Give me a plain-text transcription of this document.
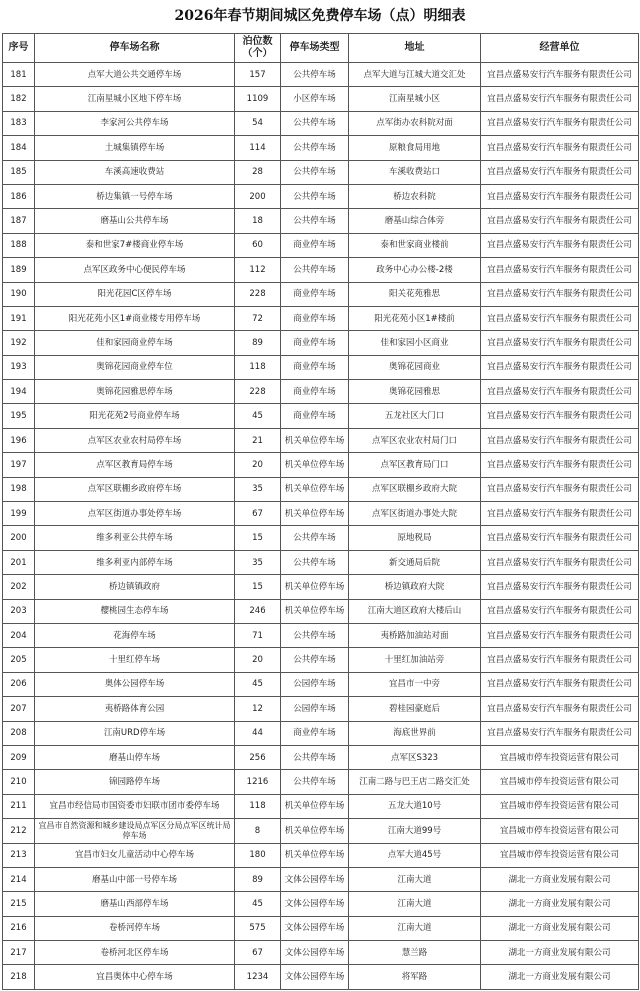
2026年春节期间城区免费停车场（点）明细表
序号	停车场名称	泊位数（个）	停车场类型	地址	经营单位
181	点军大道公共交通停车场	157	公共停车场	点军大道与江城大道交汇处	宜昌点盛易安行汽车服务有限责任公司
182	江南星城小区地下停车场	1109	小区停车场	江南星城小区	宜昌点盛易安行汽车服务有限责任公司
183	李家河公共停车场	54	公共停车场	点军街办农科院对面	宜昌点盛易安行汽车服务有限责任公司
184	土城集镇停车场	114	公共停车场	原粮食局用地	宜昌点盛易安行汽车服务有限责任公司
185	车溪高速收费站	28	公共停车场	车溪收费站口	宜昌点盛易安行汽车服务有限责任公司
186	桥边集镇一号停车场	200	公共停车场	桥边农科院	宜昌点盛易安行汽车服务有限责任公司
187	磨基山公共停车场	18	公共停车场	磨基山综合体旁	宜昌点盛易安行汽车服务有限责任公司
188	泰和世家7#楼商业停车场	60	商业停车场	泰和世家商业楼前	宜昌点盛易安行汽车服务有限责任公司
189	点军区政务中心便民停车场	112	公共停车场	政务中心办公楼-2楼	宜昌点盛易安行汽车服务有限责任公司
190	阳光花园C区停车场	228	商业停车场	阳关花苑雅思	宜昌点盛易安行汽车服务有限责任公司
191	阳光花苑小区1#商业楼专用停车场	72	商业停车场	阳光花苑小区1#楼前	宜昌点盛易安行汽车服务有限责任公司
192	佳和家园商业停车场	89	商业停车场	佳和家园小区商业	宜昌点盛易安行汽车服务有限责任公司
193	奥锦花园商业停车位	118	商业停车场	奥锦花园商业	宜昌点盛易安行汽车服务有限责任公司
194	奥锦花园雅思停车场	228	商业停车场	奥锦花园雅思	宜昌点盛易安行汽车服务有限责任公司
195	阳光花苑2号商业停车场	45	商业停车场	五龙社区大门口	宜昌点盛易安行汽车服务有限责任公司
196	点军区农业农村局停车场	21	机关单位停车场	点军区农业农村局门口	宜昌点盛易安行汽车服务有限责任公司
197	点军区教育局停车场	20	机关单位停车场	点军区教育局门口	宜昌点盛易安行汽车服务有限责任公司
198	点军区联棚乡政府停车场	35	机关单位停车场	点军区联棚乡政府大院	宜昌点盛易安行汽车服务有限责任公司
199	点军区街道办事处停车场	67	机关单位停车场	点军区街道办事处大院	宜昌点盛易安行汽车服务有限责任公司
200	维多利亚公共停车场	15	公共停车场	原地税局	宜昌点盛易安行汽车服务有限责任公司
201	维多利亚内部停车场	35	公共停车场	新交通局后院	宜昌点盛易安行汽车服务有限责任公司
202	桥边镇镇政府	15	机关单位停车场	桥边镇政府大院	宜昌点盛易安行汽车服务有限责任公司
203	樱桃园生态停车场	246	机关单位停车场	江南大道区政府大楼后山	宜昌点盛易安行汽车服务有限责任公司
204	花海停车场	71	公共停车场	夷桥路加油站对面	宜昌点盛易安行汽车服务有限责任公司
205	十里红停车场	20	公共停车场	十里红加油站旁	宜昌点盛易安行汽车服务有限责任公司
206	奥体公园停车场	45	公园停车场	宜昌市一中旁	宜昌点盛易安行汽车服务有限责任公司
207	夷桥路体育公园	12	公园停车场	碧桂园豪庭后	宜昌点盛易安行汽车服务有限责任公司
208	江南URD停车场	44	商业停车场	海底世界前	宜昌点盛易安行汽车服务有限责任公司
209	磨基山停车场	256	公共停车场	点军区S323	宜昌城市停车投资运营有限公司
210	锦园路停车场	1216	公共停车场	江南二路与巴王店二路交汇处	宜昌城市停车投资运营有限公司
211	宜昌市经信局市国资委市妇联市团市委停车场	118	机关单位停车场	五龙大道10号	宜昌城市停车投资运营有限公司
212	宜昌市自然资源和城乡建设局点军区分局点军区统计局停车场	8	机关单位停车场	江南大道99号	宜昌城市停车投资运营有限公司
213	宜昌市妇女儿童活动中心停车场	180	机关单位停车场	点军大道45号	宜昌城市停车投资运营有限公司
214	磨基山中部一号停车场	89	文体公园停车场	江南大道	湖北一方商业发展有限公司
215	磨基山西部停车场	45	文体公园停车场	江南大道	湖北一方商业发展有限公司
216	卷桥河停车场	575	文体公园停车场	江南大道	湖北一方商业发展有限公司
217	卷桥河北区停车场	67	文体公园停车场	慧兰路	湖北一方商业发展有限公司
218	宜昌奥体中心停车场	1234	文体公园停车场	将军路	湖北一方商业发展有限公司
